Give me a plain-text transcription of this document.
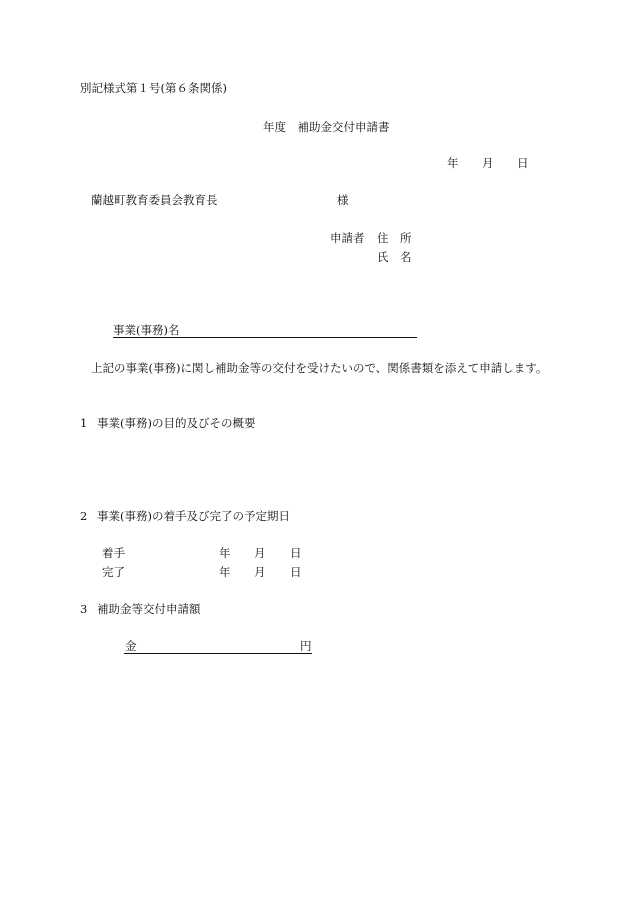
別記様式第１号(第６条関係)
年度　補助金交付申請書
年 月 日
蘭越町教育委員会教育長	様
申請者 住　所
氏　名
事業(事務)名
上記の事業(事務)に関し補助金等の交付を受けたいので、関係書類を添えて申請します。
1 事業(事務)の目的及びその概要
2 事業(事務)の着手及び完了の予定期日
着手	年 月 日
完了	年 月 日
3 補助金等交付申請額
金	円
